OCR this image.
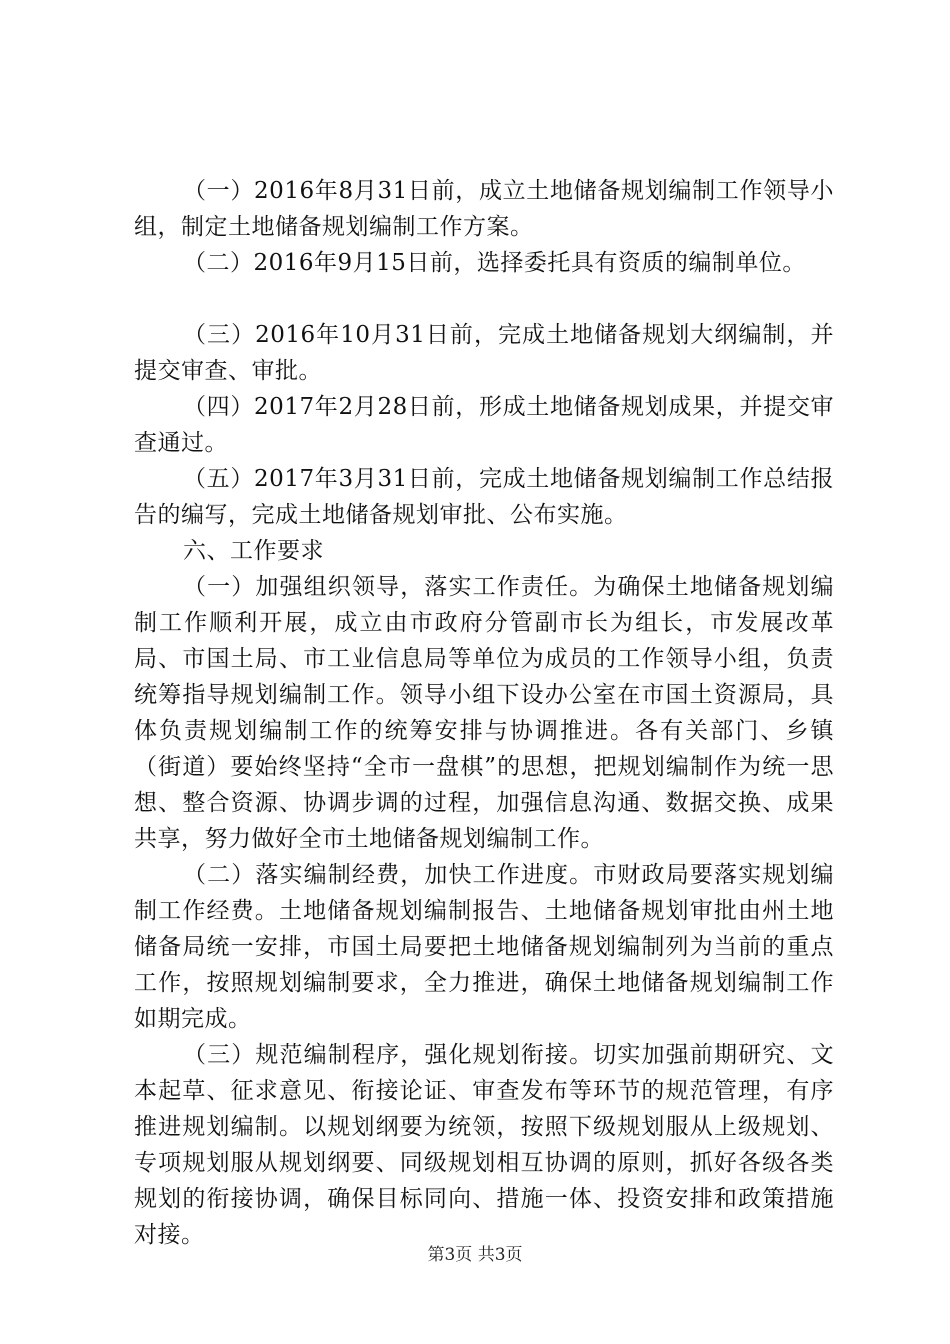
（一）2016年8月31日前，成立土地储备规划编制工作领导小组，制定土地储备规划编制工作方案。

（二）2016年9月15日前，选择委托具有资质的编制单位。

（三）2016年10月31日前，完成土地储备规划大纲编制，并提交审查、审批。

（四）2017年2月28日前，形成土地储备规划成果，并提交审查通过。

（五）2017年3月31日前，完成土地储备规划编制工作总结报告的编写，完成土地储备规划审批、公布实施。

六、工作要求

（一）加强组织领导，落实工作责任。为确保土地储备规划编制工作顺利开展，成立由市政府分管副市长为组长，市发展改革局、市国土局、市工业信息局等单位为成员的工作领导小组，负责统筹指导规划编制工作。领导小组下设办公室在市国土资源局，具体负责规划编制工作的统筹安排与协调推进。各有关部门、乡镇（街道）要始终坚持“全市一盘棋”的思想，把规划编制作为统一思想、整合资源、协调步调的过程，加强信息沟通、数据交换、成果共享，努力做好全市土地储备规划编制工作。

（二）落实编制经费，加快工作进度。市财政局要落实规划编制工作经费。土地储备规划编制报告、土地储备规划审批由州土地储备局统一安排，市国土局要把土地储备规划编制列为当前的重点工作，按照规划编制要求，全力推进，确保土地储备规划编制工作如期完成。

（三）规范编制程序，强化规划衔接。切实加强前期研究、文本起草、征求意见、衔接论证、审查发布等环节的规范管理，有序推进规划编制。以规划纲要为统领，按照下级规划服从上级规划、专项规划服从规划纲要、同级规划相互协调的原则，抓好各级各类规划的衔接协调，确保目标同向、措施一体、投资安排和政策措施对接。

第3页 共3页
